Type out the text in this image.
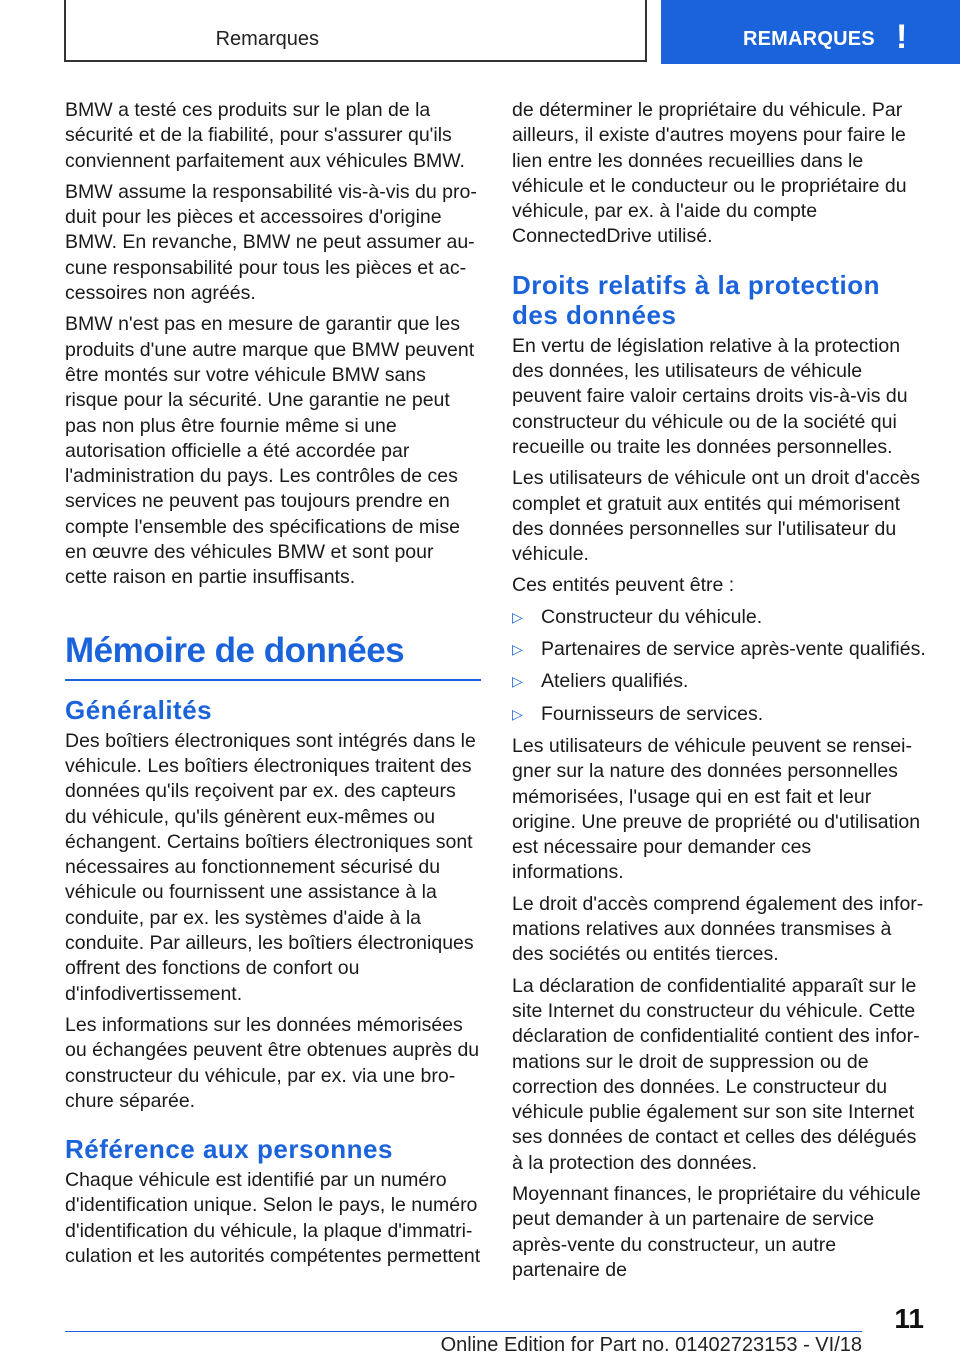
Remarques	REMARQUES !

BMW a testé ces produits sur le plan de la sécurité et de la fiabilité, pour s'assurer qu'ils conviennent parfaitement aux véhicules BMW.

BMW assume la responsabilité vis-à-vis du produit pour les pièces et accessoires d'origine BMW. En revanche, BMW ne peut assumer aucune responsabilité pour tous les pièces et accessoires non agréés.

BMW n'est pas en mesure de garantir que les produits d'une autre marque que BMW peuvent être montés sur votre véhicule BMW sans risque pour la sécurité. Une garantie ne peut pas non plus être fournie même si une autorisation officielle a été accordée par l'administration du pays. Les contrôles de ces services ne peuvent pas toujours prendre en compte l'ensemble des spécifications de mise en œuvre des véhicules BMW et sont pour cette raison en partie insuffisants.

Mémoire de données
Généralités

Des boîtiers électroniques sont intégrés dans le véhicule. Les boîtiers électroniques traitent des données qu'ils reçoivent par ex. des capteurs du véhicule, qu'ils génèrent eux-mêmes ou échangent. Certains boîtiers électroniques sont nécessaires au fonctionnement sécurisé du véhicule ou fournissent une assistance à la conduite, par ex. les systèmes d'aide à la conduite. Par ailleurs, les boîtiers électroniques offrent des fonctions de confort ou d'infodivertissement.

Les informations sur les données mémorisées ou échangées peuvent être obtenues auprès du constructeur du véhicule, par ex. via une brochure séparée.

Référence aux personnes

Chaque véhicule est identifié par un numéro d'identification unique. Selon le pays, le numéro d'identification du véhicule, la plaque d'immatriculation et les autorités compétentes permettent

de déterminer le propriétaire du véhicule. Par ailleurs, il existe d'autres moyens pour faire le lien entre les données recueillies dans le véhicule et le conducteur ou le propriétaire du véhicule, par ex. à l'aide du compte ConnectedDrive utilisé.

Droits relatifs à la protection des données

En vertu de législation relative à la protection des données, les utilisateurs de véhicule peuvent faire valoir certains droits vis-à-vis du constructeur du véhicule ou de la société qui recueille ou traite les données personnelles.

Les utilisateurs de véhicule ont un droit d'accès complet et gratuit aux entités qui mémorisent des données personnelles sur l'utilisateur du véhicule.

Ces entités peuvent être :

▷ Constructeur du véhicule.
▷ Partenaires de service après-vente qualifiés.
▷ Ateliers qualifiés.
▷ Fournisseurs de services.

Les utilisateurs de véhicule peuvent se renseigner sur la nature des données personnelles mémorisées, l'usage qui en est fait et leur origine. Une preuve de propriété ou d'utilisation est nécessaire pour demander ces informations.

Le droit d'accès comprend également des informations relatives aux données transmises à des sociétés ou entités tierces.

La déclaration de confidentialité apparaît sur le site Internet du constructeur du véhicule. Cette déclaration de confidentialité contient des informations sur le droit de suppression ou de correction des données. Le constructeur du véhicule publie également sur son site Internet ses données de contact et celles des délégués à la protection des données.

Moyennant finances, le propriétaire du véhicule peut demander à un partenaire de service après-vente du constructeur, un autre partenaire de

11
Online Edition for Part no. 01402723153 - VI/18
